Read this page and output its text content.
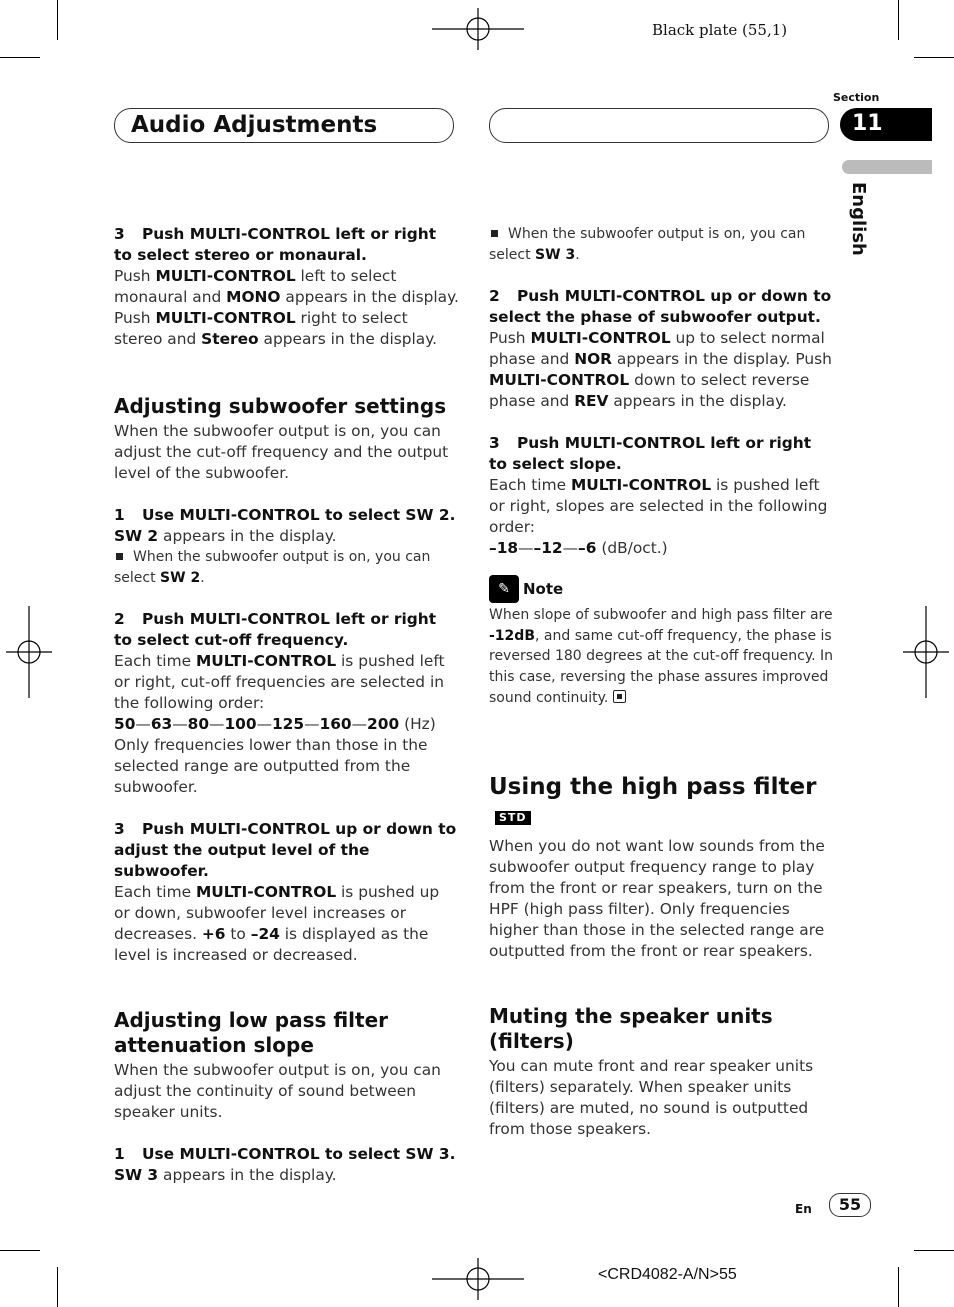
Black plate (55,1)
Audio Adjustments
Section
11
English

3 Push MULTI-CONTROL left or right to select stereo or monaural.

Push MULTI-CONTROL left to select monaural and MONO appears in the display. Push MULTI-CONTROL right to select stereo and Stereo appears in the display.

Adjusting subwoofer settings

When the subwoofer output is on, you can adjust the cut-off frequency and the output level of the subwoofer.

1 Use MULTI-CONTROL to select SW 2.

SW 2 appears in the display.

When the subwoofer output is on, you can select SW 2.

2 Push MULTI-CONTROL left or right to select cut-off frequency.

Each time MULTI-CONTROL is pushed left or right, cut-off frequencies are selected in the following order:

50—63—80—100—125—160—200 (Hz)

Only frequencies lower than those in the selected range are outputted from the subwoofer.

3 Push MULTI-CONTROL up or down to adjust the output level of the subwoofer.

Each time MULTI-CONTROL is pushed up or down, subwoofer level increases or decreases. +6 to –24 is displayed as the level is increased or decreased.

Adjusting low pass filter attenuation slope

When the subwoofer output is on, you can adjust the continuity of sound between speaker units.

1 Use MULTI-CONTROL to select SW 3.

SW 3 appears in the display.

When the subwoofer output is on, you can select SW 3.

2 Push MULTI-CONTROL up or down to select the phase of subwoofer output.

Push MULTI-CONTROL up to select normal phase and NOR appears in the display. Push MULTI-CONTROL down to select reverse phase and REV appears in the display.

3 Push MULTI-CONTROL left or right to select slope.

Each time MULTI-CONTROL is pushed left or right, slopes are selected in the following order:

–18—–12—–6 (dB/oct.)

✎ Note

When slope of subwoofer and high pass filter are -12dB, and same cut-off frequency, the phase is reversed 180 degrees at the cut-off frequency. In this case, reversing the phase assures improved sound continuity.

Using the high pass filterSTD

When you do not want low sounds from the subwoofer output frequency range to play from the front or rear speakers, turn on the HPF (high pass filter). Only frequencies higher than those in the selected range are outputted from the front or rear speakers.

Muting the speaker units (filters)

You can mute front and rear speaker units (filters) separately. When speaker units (filters) are muted, no sound is outputted from those speakers.

En	55
<CRD4082-A/N>55
